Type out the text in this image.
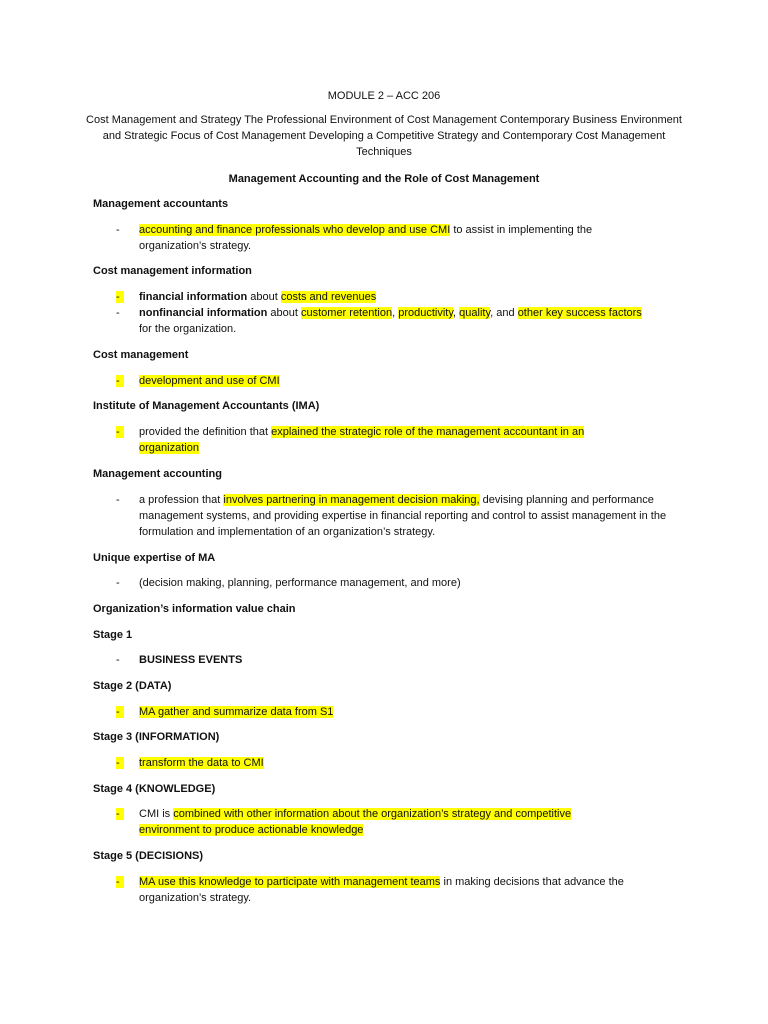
MODULE 2 – ACC 206
Cost Management and Strategy The Professional Environment of Cost Management Contemporary Business Environment and Strategic Focus of Cost Management Developing a Competitive Strategy and Contemporary Cost Management Techniques
Management Accounting and the Role of Cost Management
Management accountants
- accounting and finance professionals who develop and use CMI to assist in implementing the organization’s strategy.
Cost management information
-	financial information about costs and revenues
- nonfinancial information about customer retention, productivity, quality, and other key success factors for the organization.
Cost management
-	development and use of CMI
Institute of Management Accountants (IMA)
-	provided the definition that explained the strategic role of the management accountant in an organization
Management accounting
- a profession that involves partnering in management decision making, devising planning and performance management systems, and providing expertise in financial reporting and control to assist management in the formulation and implementation of an organization’s strategy.
Unique expertise of MA
- (decision making, planning, performance management, and more)
Organization’s information value chain
Stage 1
- BUSINESS EVENTS
Stage 2 (DATA)
-	MA gather and summarize data from S1
Stage 3 (INFORMATION)
-	transform the data to CMI
Stage 4 (KNOWLEDGE)
-	CMI is combined with other information about the organization’s strategy and competitive environment to produce actionable knowledge
Stage 5 (DECISIONS)
-	MA use this knowledge to participate with management teams in making decisions that advance the organization’s strategy.
